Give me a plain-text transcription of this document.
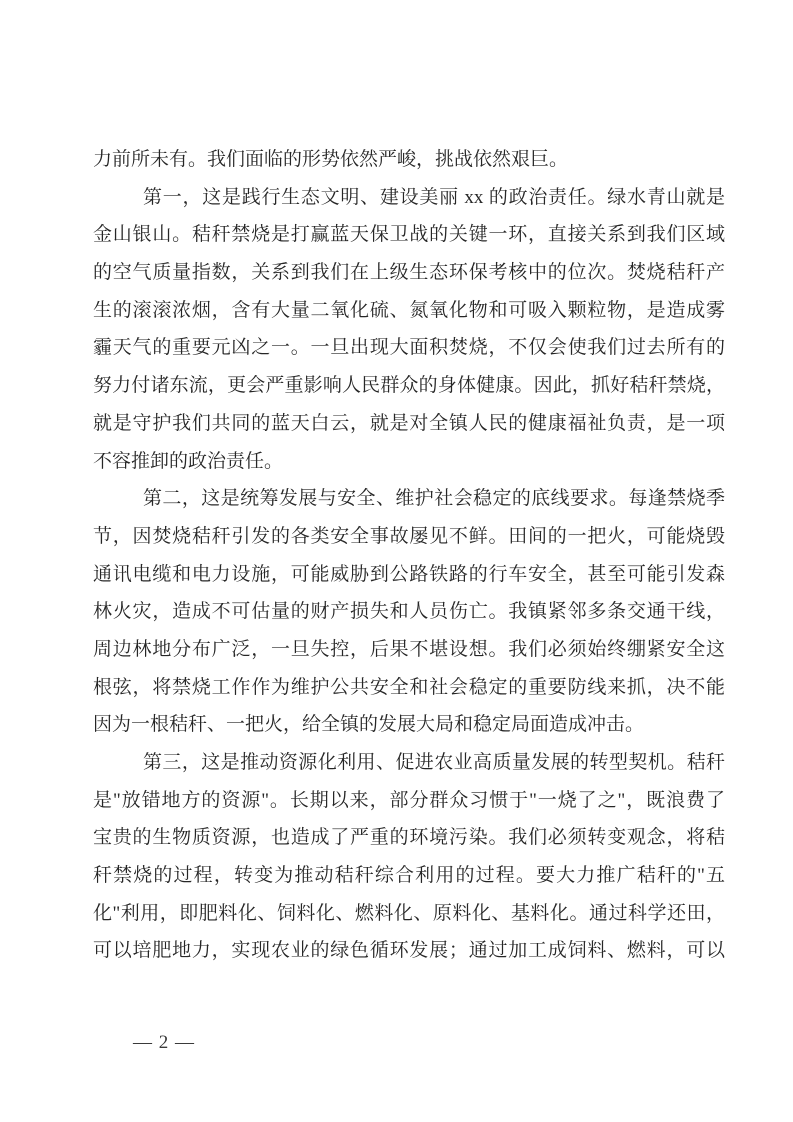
力前所未有。我们面临的形势依然严峻，挑战依然艰巨。
第一，这是践行生态文明、建设美丽 xx 的政治责任。绿水青山就是
金山银山。秸秆禁烧是打赢蓝天保卫战的关键一环，直接关系到我们区域
的空气质量指数，关系到我们在上级生态环保考核中的位次。焚烧秸秆产
生的滚滚浓烟，含有大量二氧化硫、氮氧化物和可吸入颗粒物，是造成雾
霾天气的重要元凶之一。一旦出现大面积焚烧，不仅会使我们过去所有的
努力付诸东流，更会严重影响人民群众的身体健康。因此，抓好秸秆禁烧，
就是守护我们共同的蓝天白云，就是对全镇人民的健康福祉负责，是一项
不容推卸的政治责任。
第二，这是统筹发展与安全、维护社会稳定的底线要求。每逢禁烧季
节，因焚烧秸秆引发的各类安全事故屡见不鲜。田间的一把火，可能烧毁
通讯电缆和电力设施，可能威胁到公路铁路的行车安全，甚至可能引发森
林火灾，造成不可估量的财产损失和人员伤亡。我镇紧邻多条交通干线，
周边林地分布广泛，一旦失控，后果不堪设想。我们必须始终绷紧安全这
根弦，将禁烧工作作为维护公共安全和社会稳定的重要防线来抓，决不能
因为一根秸秆、一把火，给全镇的发展大局和稳定局面造成冲击。
第三，这是推动资源化利用、促进农业高质量发展的转型契机。秸秆
是"放错地方的资源"。长期以来，部分群众习惯于"一烧了之"，既浪费了
宝贵的生物质资源，也造成了严重的环境污染。我们必须转变观念，将秸
秆禁烧的过程，转变为推动秸秆综合利用的过程。要大力推广秸秆的"五
化"利用，即肥料化、饲料化、燃料化、原料化、基料化。通过科学还田，
可以培肥地力，实现农业的绿色循环发展；通过加工成饲料、燃料，可以
— 2 —
